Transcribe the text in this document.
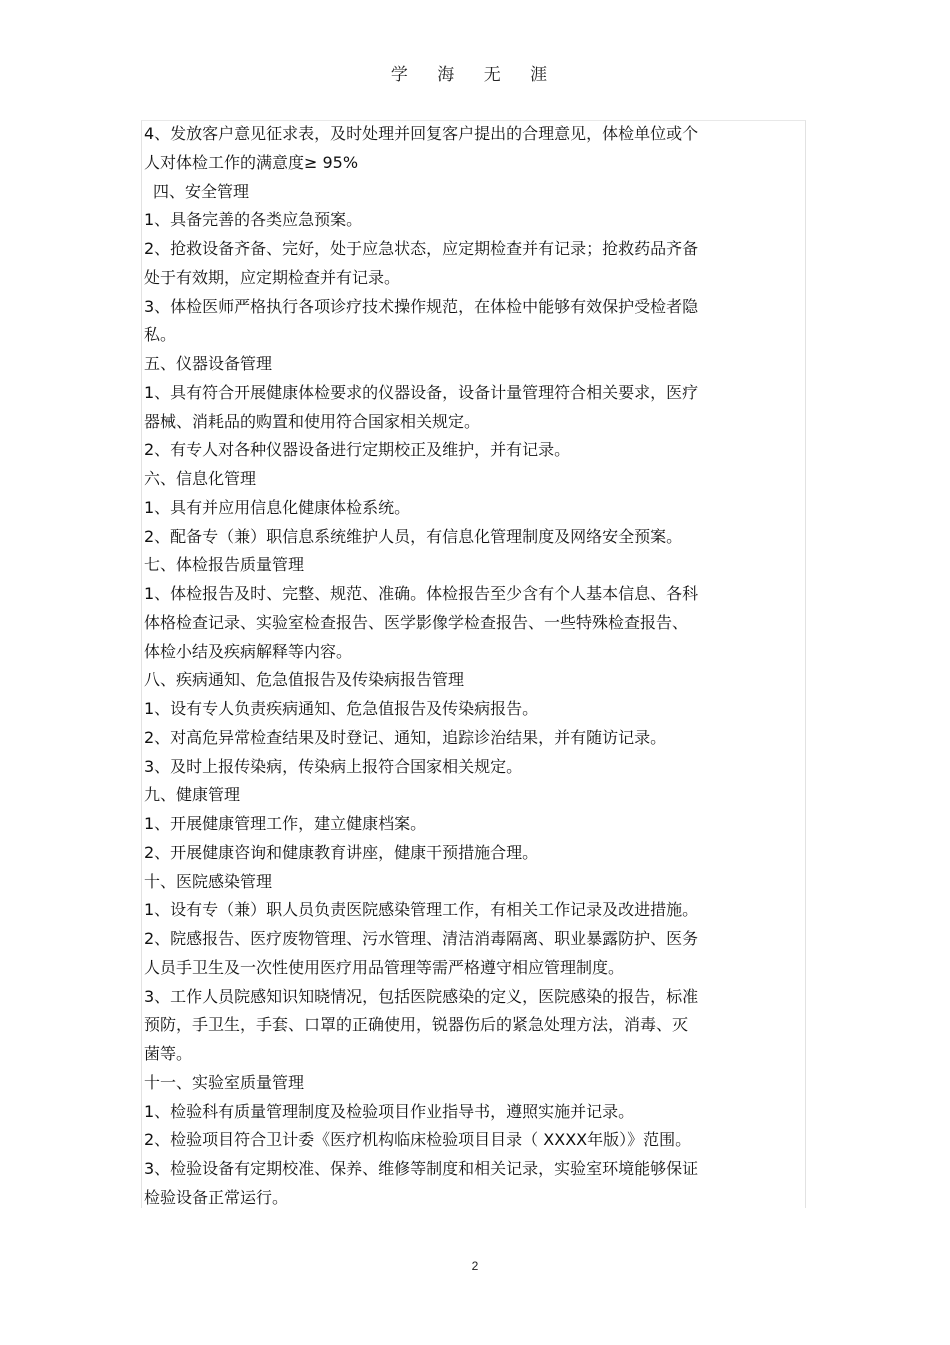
学 海 无 涯
4、发放客户意见征求表，及时处理并回复客户提出的合理意见，体检单位或个
人对体检工作的满意度≥ 95%
四、安全管理
1、具备完善的各类应急预案。
2、抢救设备齐备、完好，处于应急状态，应定期检查并有记录；抢救药品齐备
处于有效期，应定期检查并有记录。
3、体检医师严格执行各项诊疗技术操作规范，在体检中能够有效保护受检者隐
私。
五、仪器设备管理
1、具有符合开展健康体检要求的仪器设备，设备计量管理符合相关要求，医疗
器械、消耗品的购置和使用符合国家相关规定。
2、有专人对各种仪器设备进行定期校正及维护，并有记录。
六、信息化管理
1、具有并应用信息化健康体检系统。
2、配备专（兼）职信息系统维护人员，有信息化管理制度及网络安全预案。
七、体检报告质量管理
1、体检报告及时、完整、规范、准确。体检报告至少含有个人基本信息、各科
体格检查记录、实验室检查报告、医学影像学检查报告、一些特殊检查报告、
体检小结及疾病解释等内容。
八、疾病通知、危急值报告及传染病报告管理
1、设有专人负责疾病通知、危急值报告及传染病报告。
2、对高危异常检查结果及时登记、通知，追踪诊治结果，并有随访记录。
3、及时上报传染病，传染病上报符合国家相关规定。
九、健康管理
1、开展健康管理工作，建立健康档案。
2、开展健康咨询和健康教育讲座，健康干预措施合理。
十、医院感染管理
1、设有专（兼）职人员负责医院感染管理工作，有相关工作记录及改进措施。
2、院感报告、医疗废物管理、污水管理、清洁消毒隔离、职业暴露防护、医务
人员手卫生及一次性使用医疗用品管理等需严格遵守相应管理制度。
3、工作人员院感知识知晓情况，包括医院感染的定义，医院感染的报告，标准
预防，手卫生，手套、口罩的正确使用，锐器伤后的紧急处理方法，消毒、灭
菌等。
十一、实验室质量管理
1、检验科有质量管理制度及检验项目作业指导书，遵照实施并记录。
2、检验项目符合卫计委《医疗机构临床检验项目目录（ XXXX年版）》范围。
3、检验设备有定期校准、保养、维修等制度和相关记录，实验室环境能够保证
检验设备正常运行。
2
